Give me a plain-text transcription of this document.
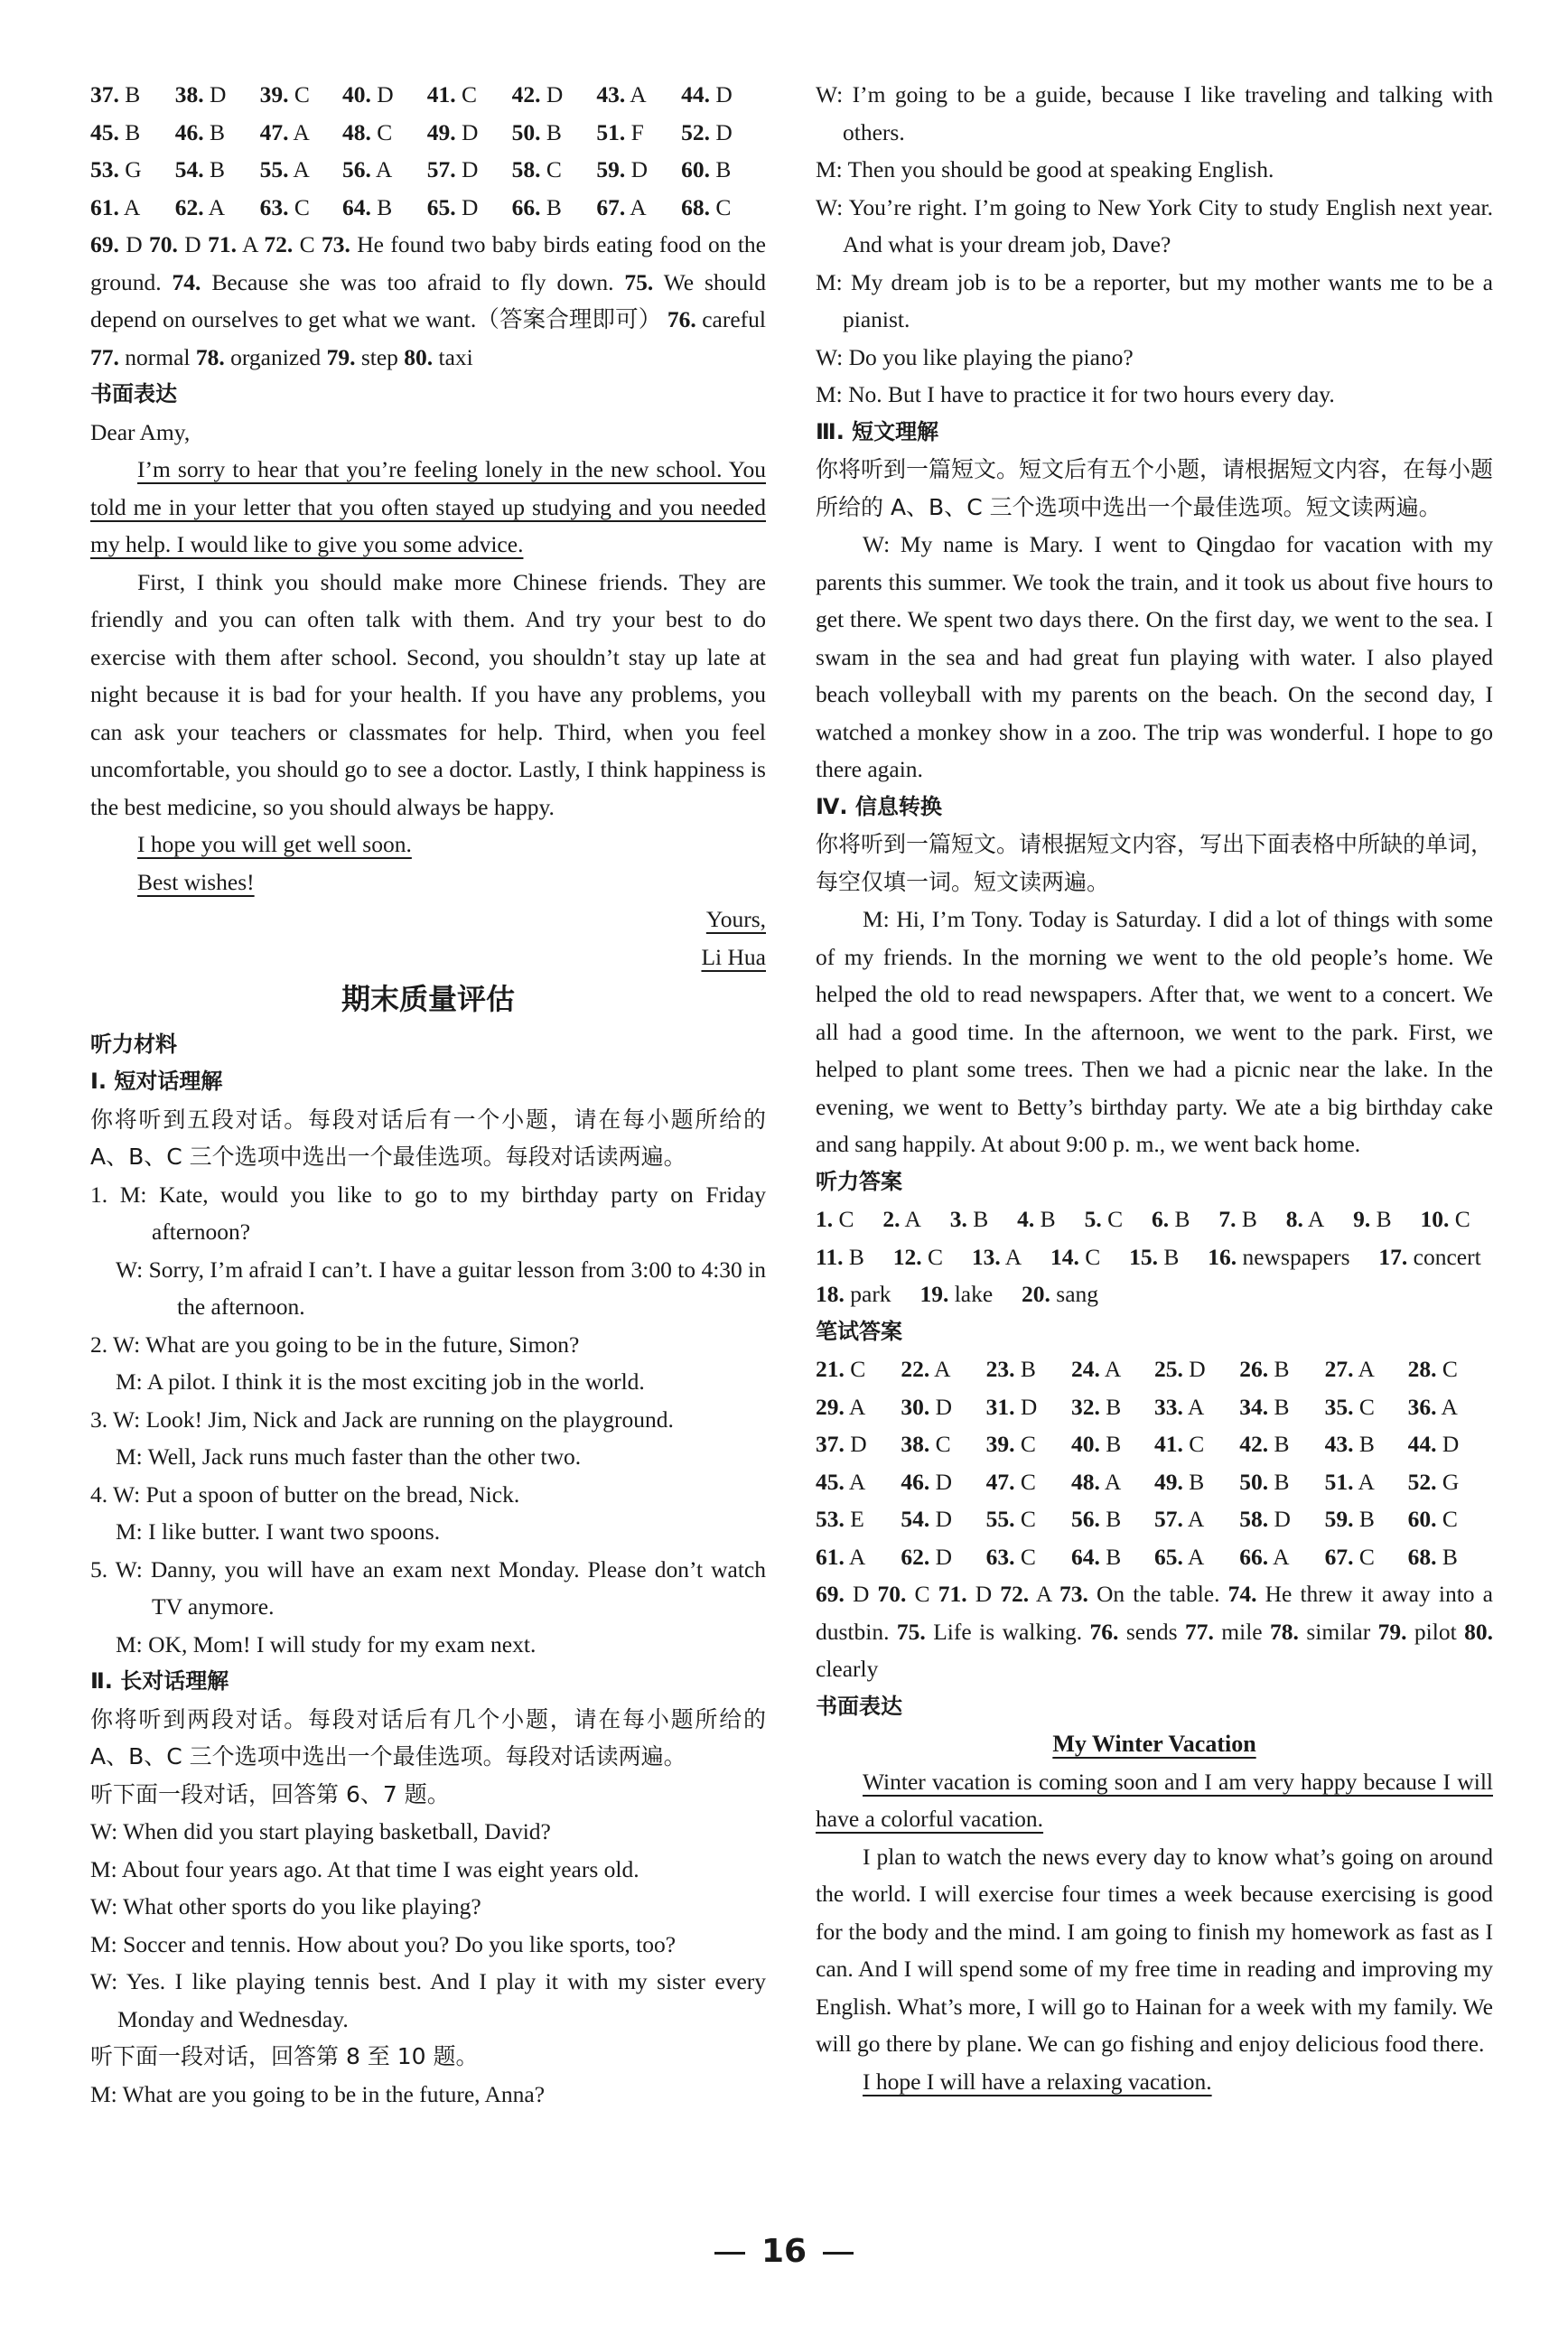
37. B	38. D	39. C	40. D	41. C	42. D	43. A	44. D
45. B	46. B	47. A	48. C	49. D	50. B	51. F	52. D
53. G	54. B	55. A	56. A	57. D	58. C	59. D	60. B
61. A	62. A	63. C	64. B	65. D	66. B	67. A	68. C

69. D 70. D 71. A 72. C 73. He found two baby birds eating food on the ground. 74. Because she was too afraid to fly down. 75. We should depend on ourselves to get what we want.（答案合理即可） 76. careful 77. normal 78. organized 79. step 80. taxi

书面表达

Dear Amy,

I’m sorry to hear that you’re feeling lonely in the new school. You told me in your letter that you often stayed up studying and you needed my help. I would like to give you some advice.

First, I think you should make more Chinese friends. They are friendly and you can often talk with them. And try your best to do exercise with them after school. Second, you shouldn’t stay up late at night because it is bad for your health. If you have any problems, you can ask your teachers or classmates for help. Third, when you feel uncomfortable, you should go to see a doctor. Lastly, I think happiness is the best medicine, so you should always be happy.

I hope you will get well soon.

Best wishes!

Yours,

Li Hua

期末质量评估

听力材料

Ⅰ. 短对话理解

你将听到五段对话。每段对话后有一个小题，请在每小题所给的 A、B、C 三个选项中选出一个最佳选项。每段对话读两遍。

1. M: Kate, would you like to go to my birthday party on Friday afternoon?

W: Sorry, I’m afraid I can’t. I have a guitar lesson from 3:00 to 4:30 in the afternoon.

2. W: What are you going to be in the future, Simon?

M: A pilot. I think it is the most exciting job in the world.

3. W: Look! Jim, Nick and Jack are running on the playground.

M: Well, Jack runs much faster than the other two.

4. W: Put a spoon of butter on the bread, Nick.

M: I like butter. I want two spoons.

5. W: Danny, you will have an exam next Monday. Please don’t watch TV anymore.

M: OK, Mom! I will study for my exam next.

Ⅱ. 长对话理解

你将听到两段对话。每段对话后有几个小题，请在每小题所给的 A、B、C 三个选项中选出一个最佳选项。每段对话读两遍。

听下面一段对话，回答第 6、7 题。

W: When did you start playing basketball, David?

M: About four years ago. At that time I was eight years old.

W: What other sports do you like playing?

M: Soccer and tennis. How about you? Do you like sports, too?

W: Yes. I like playing tennis best. And I play it with my sister every Monday and Wednesday.

听下面一段对话，回答第 8 至 10 题。

M: What are you going to be in the future, Anna?

W: I’m going to be a guide, because I like traveling and talking with others.

M: Then you should be good at speaking English.

W: You’re right. I’m going to New York City to study English next year. And what is your dream job, Dave?

M: My dream job is to be a reporter, but my mother wants me to be a pianist.

W: Do you like playing the piano?

M: No. But I have to practice it for two hours every day.

Ⅲ. 短文理解

你将听到一篇短文。短文后有五个小题，请根据短文内容，在每小题所给的 A、B、C 三个选项中选出一个最佳选项。短文读两遍。

W: My name is Mary. I went to Qingdao for vacation with my parents this summer. We took the train, and it took us about five hours to get there. We spent two days there. On the first day, we went to the sea. I swam in the sea and had great fun playing with water. I also played beach volleyball with my parents on the beach. On the second day, I watched a monkey show in a zoo. The trip was wonderful. I hope to go there again.

Ⅳ. 信息转换

你将听到一篇短文。请根据短文内容，写出下面表格中所缺的单词，每空仅填一词。短文读两遍。

M: Hi, I’m Tony. Today is Saturday. I did a lot of things with some of my friends. In the morning we went to the old people’s home. We helped the old to read newspapers. After that, we went to a concert. We all had a good time. In the afternoon, we went to the park. First, we helped to plant some trees. Then we had a picnic near the lake. In the evening, we went to Betty’s birthday party. We ate a big birthday cake and sang happily. At about 9:00 p. m., we went back home.

听力答案

1. C  2. A  3. B  4. B  5. C  6. B  7. B  8. A  9. B  10. C

11. B  12. C  13. A  14. C  15. B  16. newspapers  17. concert

18. park  19. lake  20. sang

笔试答案

21. C	22. A	23. B	24. A	25. D	26. B	27. A	28. C
29. A	30. D	31. D	32. B	33. A	34. B	35. C	36. A
37. D	38. C	39. C	40. B	41. C	42. B	43. B	44. D
45. A	46. D	47. C	48. A	49. B	50. B	51. A	52. G
53. E	54. D	55. C	56. B	57. A	58. D	59. B	60. C
61. A	62. D	63. C	64. B	65. A	66. A	67. C	68. B

69. D 70. C 71. D 72. A 73. On the table. 74. He threw it away into a dustbin. 75. Life is walking. 76. sends 77. mile 78. similar 79. pilot 80. clearly

书面表达

My Winter Vacation

Winter vacation is coming soon and I am very happy because I will have a colorful vacation.

I plan to watch the news every day to know what’s going on around the world. I will exercise four times a week because exercising is good for the body and the mind. I am going to finish my homework as fast as I can. And I will spend some of my free time in reading and improving my English. What’s more, I will go to Hainan for a week with my family. We will go there by plane. We can go fishing and enjoy delicious food there.

I hope I will have a relaxing vacation.

16
